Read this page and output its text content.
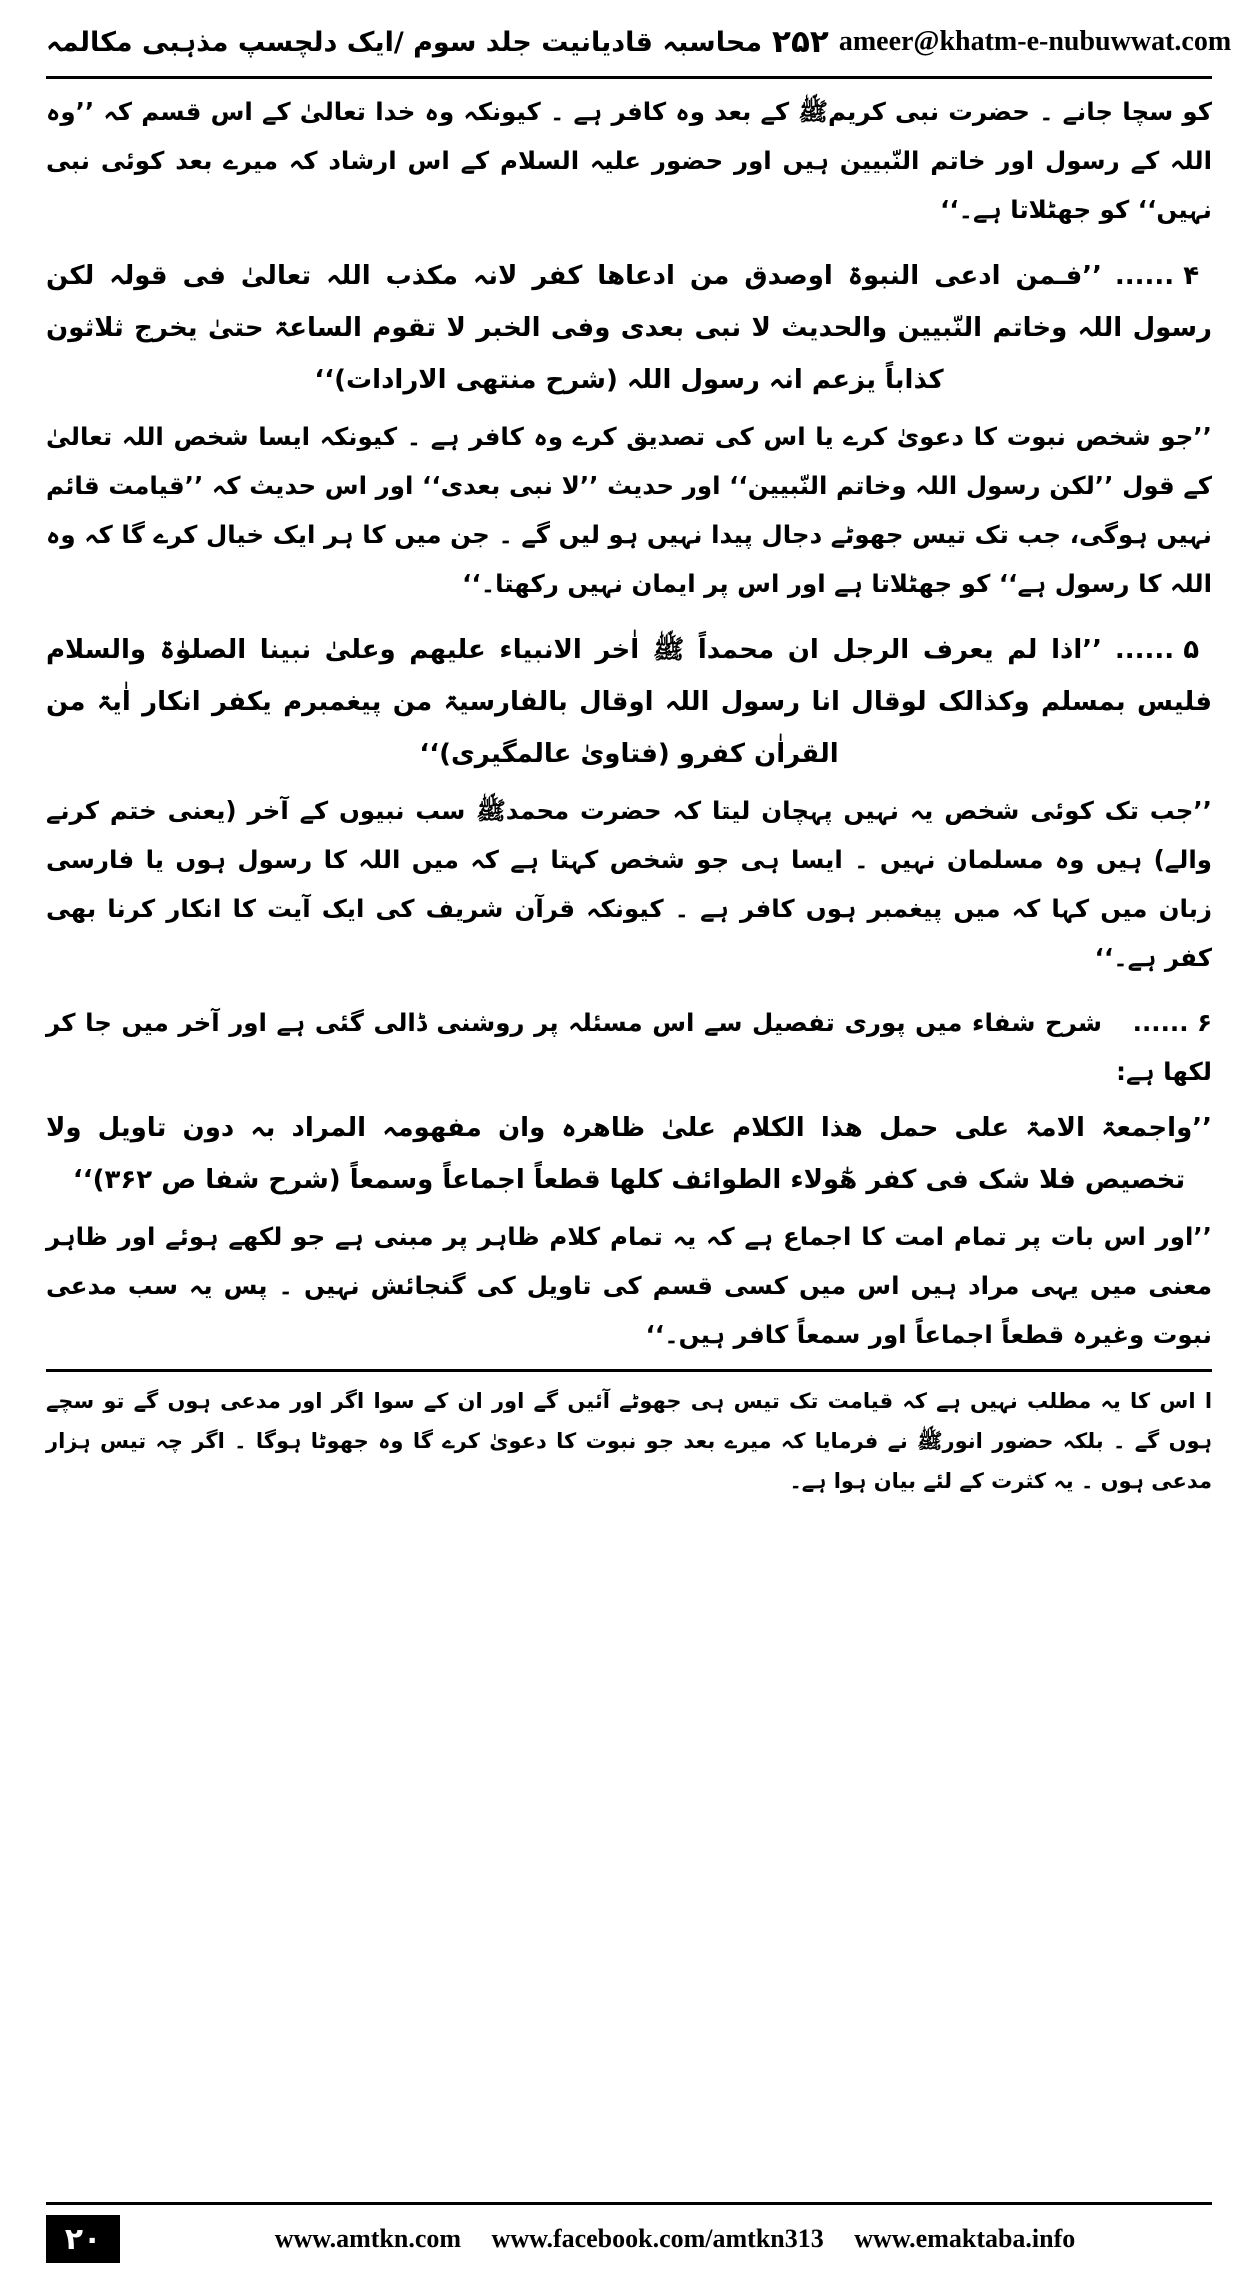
محاسبہ قادیانیت جلد سوم /ایک دلچسپ مذہبی مکالمہ ۲۵۲ ameer@khatm-e-nubuwwat.com

کو سچا جانے ۔ حضرت نبی کریمﷺ کے بعد وہ کافر ہے ۔ کیونکہ وہ خدا تعالیٰ کے اس قسم کہ ’’وہ اللہ کے رسول اور خاتم النّبیین ہیں اور حضور علیہ السلام کے اس ارشاد کہ میرے بعد کوئی نبی نہیں‘‘ کو جھٹلاتا ہے۔‘‘

۴ ......’’فـمن ادعی النبوۃ اوصدق من ادعاھا کفر لانہ مکذب اللہ تعالیٰ فی قولہ لکن رسول اللہ وخاتم النّبیین والحدیث لا نبی بعدی وفی الخبر لا تقوم الساعۃ حتیٰ یخرج ثلاثون کذاباً یزعم انہ رسول اللہ (شرح منتھی الارادات)‘‘

’’جو شخص نبوت کا دعویٰ کرے یا اس کی تصدیق کرے وہ کافر ہے ۔ کیونکہ ایسا شخص اللہ تعالیٰ کے قول ’’لکن رسول اللہ وخاتم النّبیین‘‘ اور حدیث ’’لا نبی بعدی‘‘ اور اس حدیث کہ ’’قیامت قائم نہیں ہوگی، جب تک تیس جھوٹے دجال پیدا نہیں ہو لیں گے ۔ جن میں کا ہر ایک خیال کرے گا کہ وہ اللہ کا رسول ہے‘‘ کو جھٹلاتا ہے اور اس پر ایمان نہیں رکھتا۔‘‘

۵ ......’’اذا لم یعرف الرجل ان محمداً ﷺ اٰخر الانبیاء علیھم وعلیٰ نبینا الصلوٰۃ والسلام فلیس بمسلم وکذالک لوقال انا رسول اللہ اوقال بالفارسیۃ من پیغمبرم یکفر انکار اٰیۃ من القراٰن کفرو (فتاویٰ عالمگیری)‘‘

’’جب تک کوئی شخص یہ نہیں پہچان لیتا کہ حضرت محمدﷺ سب نبیوں کے آخر (یعنی ختم کرنے والے) ہیں وہ مسلمان نہیں ۔ ایسا ہی جو شخص کہتا ہے کہ میں اللہ کا رسول ہوں یا فارسی زبان میں کہا کہ میں پیغمبر ہوں کافر ہے ۔ کیونکہ قرآن شریف کی ایک آیت کا انکار کرنا بھی کفر ہے۔‘‘

۶ ......شرح شفاء میں پوری تفصیل سے اس مسئلہ پر روشنی ڈالی گئی ہے اور آخر میں جا کر لکھا ہے:

’’واجمعۃ الامۃ علی حمل ھذا الکلام علیٰ ظاھرہ وان مفھومہ المراد بہ دون تاویل ولا تخصیص فلا شک فی کفر ھٰٓولاء الطوائف کلھا قطعاً اجماعاً وسمعاً (شرح شفا ص ۳۶۲)‘‘

’’اور اس بات پر تمام امت کا اجماع ہے کہ یہ تمام کلام ظاہر پر مبنی ہے جو لکھے ہوئے اور ظاہر معنی میں یہی مراد ہیں اس میں کسی قسم کی تاویل کی گنجائش نہیں ۔ پس یہ سب مدعی نبوت وغیرہ قطعاً اجماعاً اور سمعاً کافر ہیں۔‘‘

ا اس کا یہ مطلب نہیں ہے کہ قیامت تک تیس ہی جھوٹے آئیں گے اور ان کے سوا اگر اور مدعی ہوں گے تو سچے ہوں گے ۔ بلکہ حضور انورﷺ نے فرمایا کہ میرے بعد جو نبوت کا دعویٰ کرے گا وہ جھوٹا ہوگا ۔ اگر چہ تیس ہزار مدعی ہوں ۔ یہ کثرت کے لئے بیان ہوا ہے۔

۲۰	www.amtkn.com www.facebook.com/amtkn313 www.emaktaba.info
